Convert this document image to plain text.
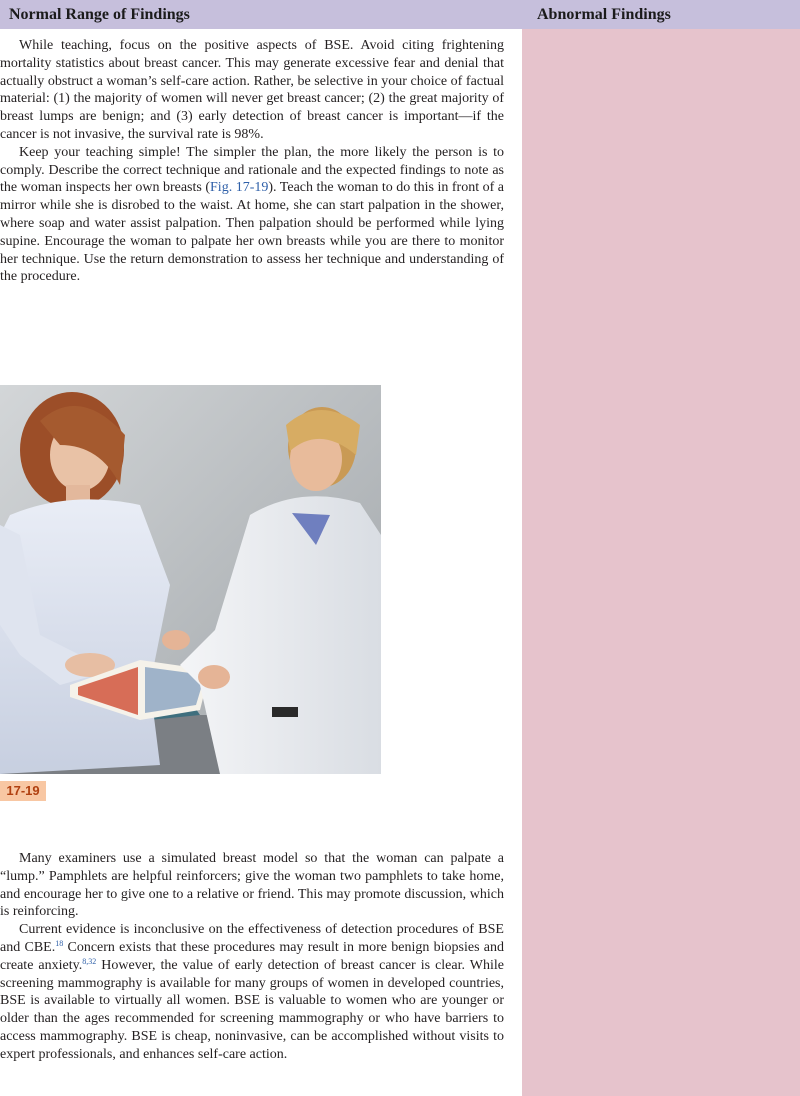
Normal Range of Findings	Abnormal Findings

While teaching, focus on the positive aspects of BSE. Avoid citing frightening mortality statistics about breast cancer. This may generate excessive fear and denial that actually obstruct a woman’s self-care action. Rather, be selective in your choice of factual material: (1) the majority of women will never get breast cancer; (2) the great majority of breast lumps are benign; and (3) early detection of breast cancer is important—if the cancer is not invasive, the survival rate is 98%.

Keep your teaching simple! The simpler the plan, the more likely the person is to comply. Describe the correct technique and rationale and the expected findings to note as the woman inspects her own breasts (Fig. 17-19). Teach the woman to do this in front of a mirror while she is disrobed to the waist. At home, she can start palpation in the shower, where soap and water assist palpation. Then palpation should be performed while lying supine. Encourage the woman to palpate her own breasts while you are there to monitor her technique. Use the return demonstration to assess her technique and understanding of the procedure.

17-19

Many examiners use a simulated breast model so that the woman can palpate a “lump.” Pamphlets are helpful reinforcers; give the woman two pamphlets to take home, and encourage her to give one to a relative or friend. This may promote discussion, which is reinforcing.

Current evidence is inconclusive on the effectiveness of detection procedures of BSE and CBE.$^{18}$ Concern exists that these procedures may result in more benign biopsies and create anxiety.$^{8,32}$ However, the value of early detection of breast cancer is clear. While screening mammography is available for many groups of women in developed countries, BSE is available to virtually all women. BSE is valuable to women who are younger or older than the ages recommended for screening mammography or who have barriers to access mammography. BSE is cheap, noninvasive, can be accomplished without visits to expert professionals, and enhances self-care action.
